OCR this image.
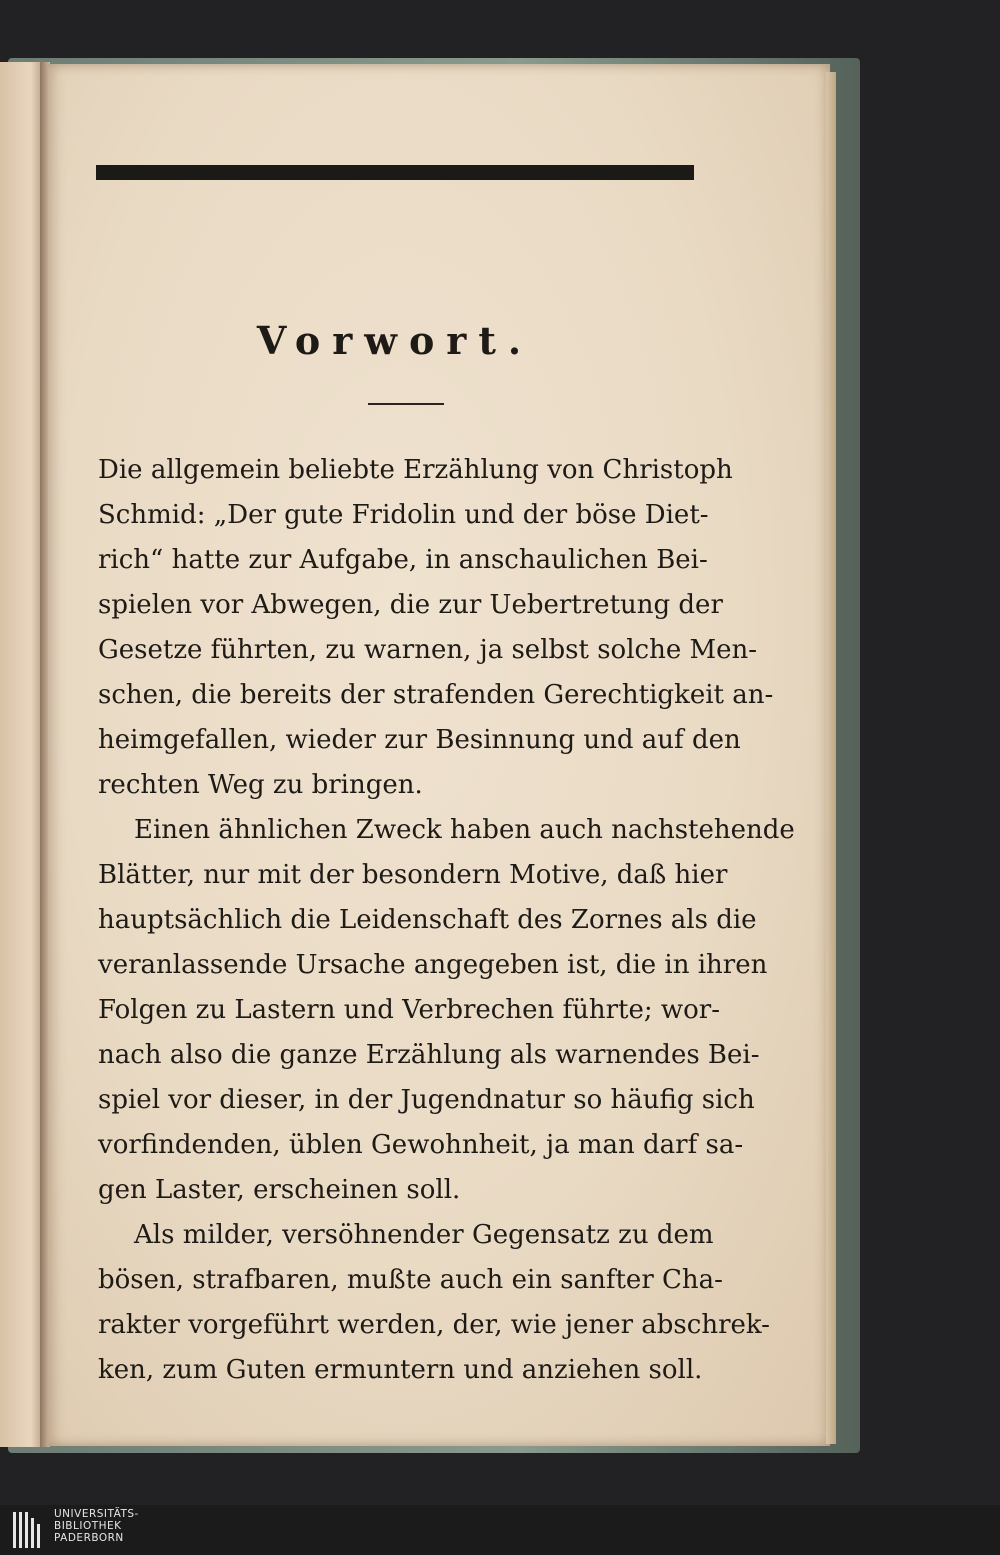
Vorwort.
Die allgemein beliebte Erzählung von Christoph
Schmid: „Der gute Fridolin und der böse Diet-
rich“ hatte zur Aufgabe, in anschaulichen Bei-
spielen vor Abwegen, die zur Uebertretung der
Gesetze führten, zu warnen, ja selbst solche Men-
schen, die bereits der strafenden Gerechtigkeit an-
heimgefallen, wieder zur Besinnung und auf den
rechten Weg zu bringen.
Einen ähnlichen Zweck haben auch nachstehende
Blätter, nur mit der besondern Motive, daß hier
hauptsächlich die Leidenschaft des Zornes als die
veranlassende Ursache angegeben ist, die in ihren
Folgen zu Lastern und Verbrechen führte; wor-
nach also die ganze Erzählung als warnendes Bei-
spiel vor dieser, in der Jugendnatur so häufig sich
vorfindenden, üblen Gewohnheit, ja man darf sa-
gen Laster, erscheinen soll.
Als milder, versöhnender Gegensatz zu dem
bösen, strafbaren, mußte auch ein sanfter Cha-
rakter vorgeführt werden, der, wie jener abschrek-
ken, zum Guten ermuntern und anziehen soll.
UNIVERSITÄTS-
BIBLIOTHEK
PADERBORN
